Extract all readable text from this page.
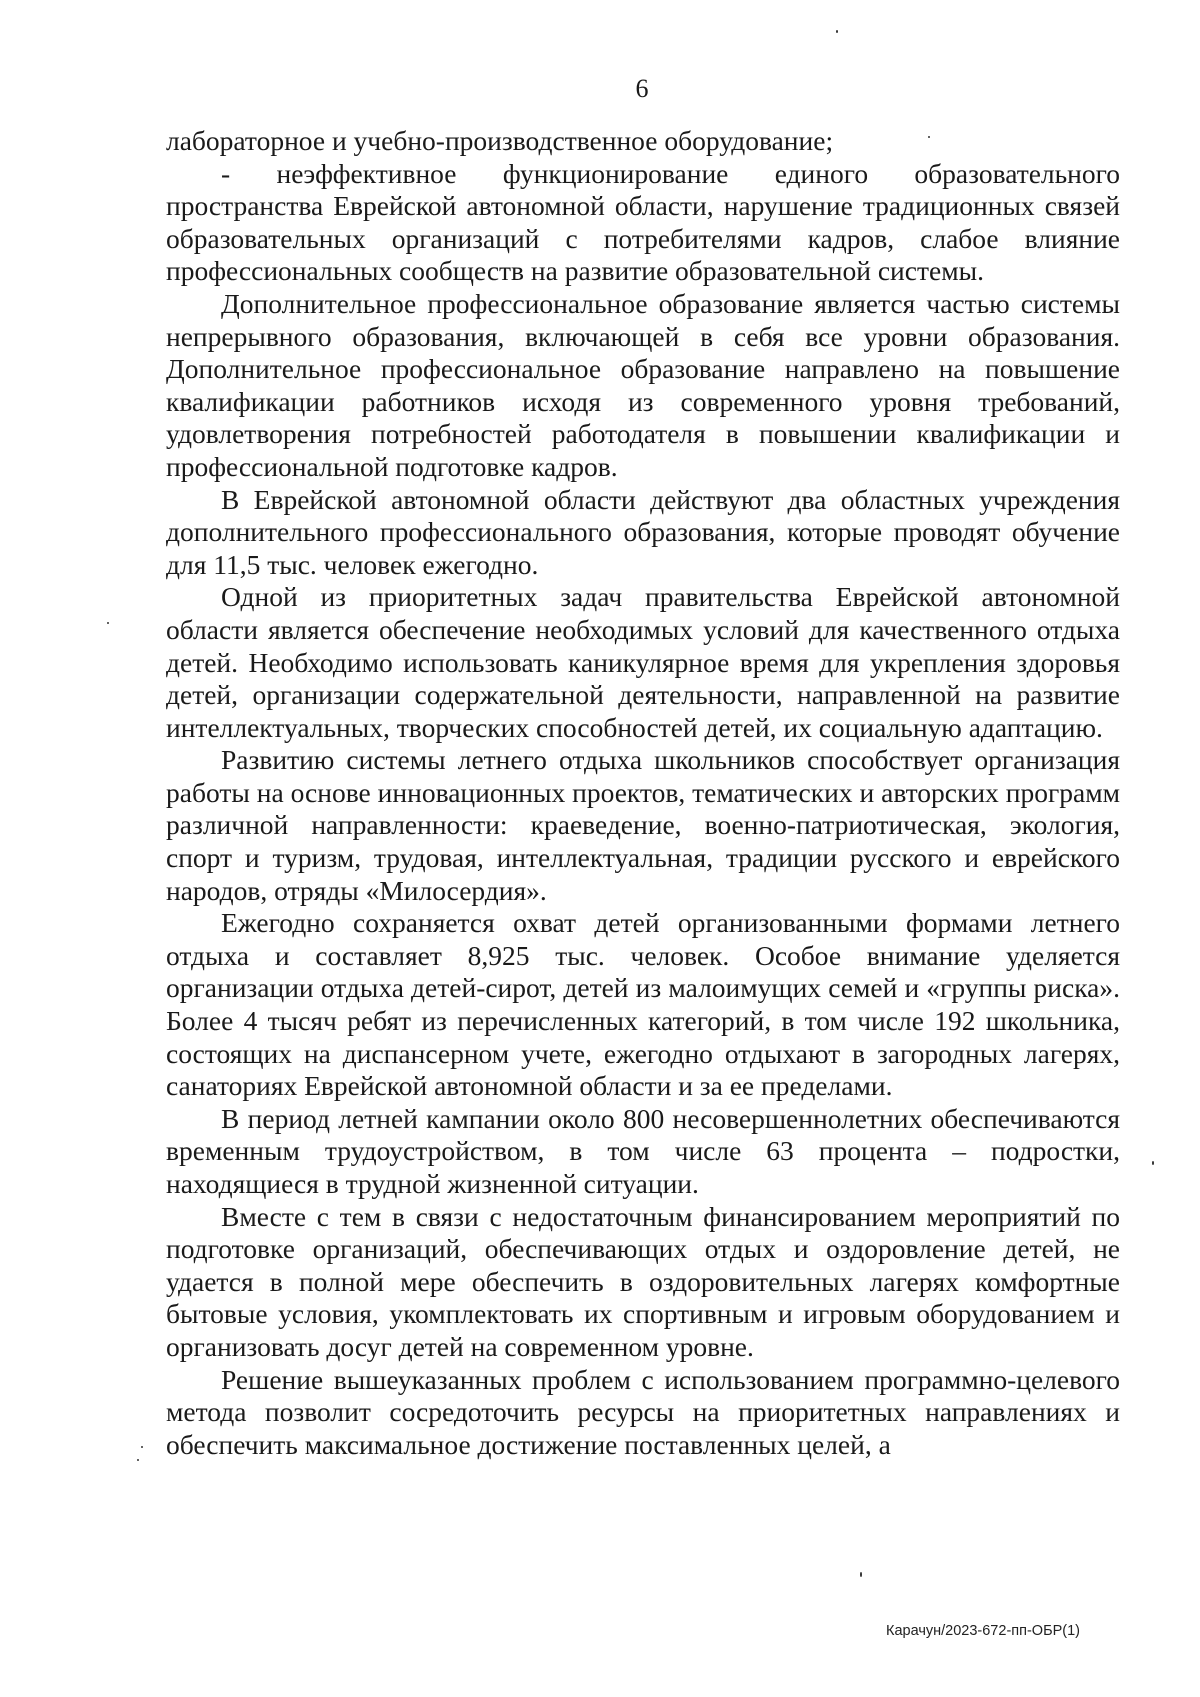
6

лабораторное и учебно-производственное оборудование;

- неэффективное функционирование единого образовательного пространства Еврейской автономной области, нарушение традиционных связей образовательных организаций с потребителями кадров, слабое влияние профессиональных сообществ на развитие образовательной системы.

Дополнительное профессиональное образование является частью системы непрерывного образования, включающей в себя все уровни образования. Дополнительное профессиональное образование направлено на повышение квалификации работников исходя из современного уровня требований, удовлетворения потребностей работодателя в повышении квалификации и профессиональной подготовке кадров.

В Еврейской автономной области действуют два областных учреждения дополнительного профессионального образования, которые проводят обучение для 11,5 тыс. человек ежегодно.

Одной из приоритетных задач правительства Еврейской автономной области является обеспечение необходимых условий для качественного отдыха детей. Необходимо использовать каникулярное время для укрепления здоровья детей, организации содержательной деятельности, направленной на развитие интеллектуальных, творческих способностей детей, их социальную адаптацию.

Развитию системы летнего отдыха школьников способствует организация работы на основе инновационных проектов, тематических и авторских программ различной направленности: краеведение, военно-патриотическая, экология, спорт и туризм, трудовая, интеллектуальная, традиции русского и еврейского народов, отряды «Милосердия».

Ежегодно сохраняется охват детей организованными формами летнего отдыха и составляет 8,925 тыс. человек. Особое внимание уделяется организации отдыха детей-сирот, детей из малоимущих семей и «группы риска». Более 4 тысяч ребят из перечисленных категорий, в том числе 192 школьника, состоящих на диспансерном учете, ежегодно отдыхают в загородных лагерях, санаториях Еврейской автономной области и за ее пределами.

В период летней кампании около 800 несовершеннолетних обеспечиваются временным трудоустройством, в том числе 63 процента – подростки, находящиеся в трудной жизненной ситуации.

Вместе с тем в связи с недостаточным финансированием мероприятий по подготовке организаций, обеспечивающих отдых и оздоровление детей, не удается в полной мере обеспечить в оздоровительных лагерях комфортные бытовые условия, укомплектовать их спортивным и игровым оборудованием и организовать досуг детей на современном уровне.

Решение вышеуказанных проблем с использованием программно-целевого метода позволит сосредоточить ресурсы на приоритетных направлениях и обеспечить максимальное достижение поставленных целей, а

Карачун/2023-672-пп-ОБР(1)
